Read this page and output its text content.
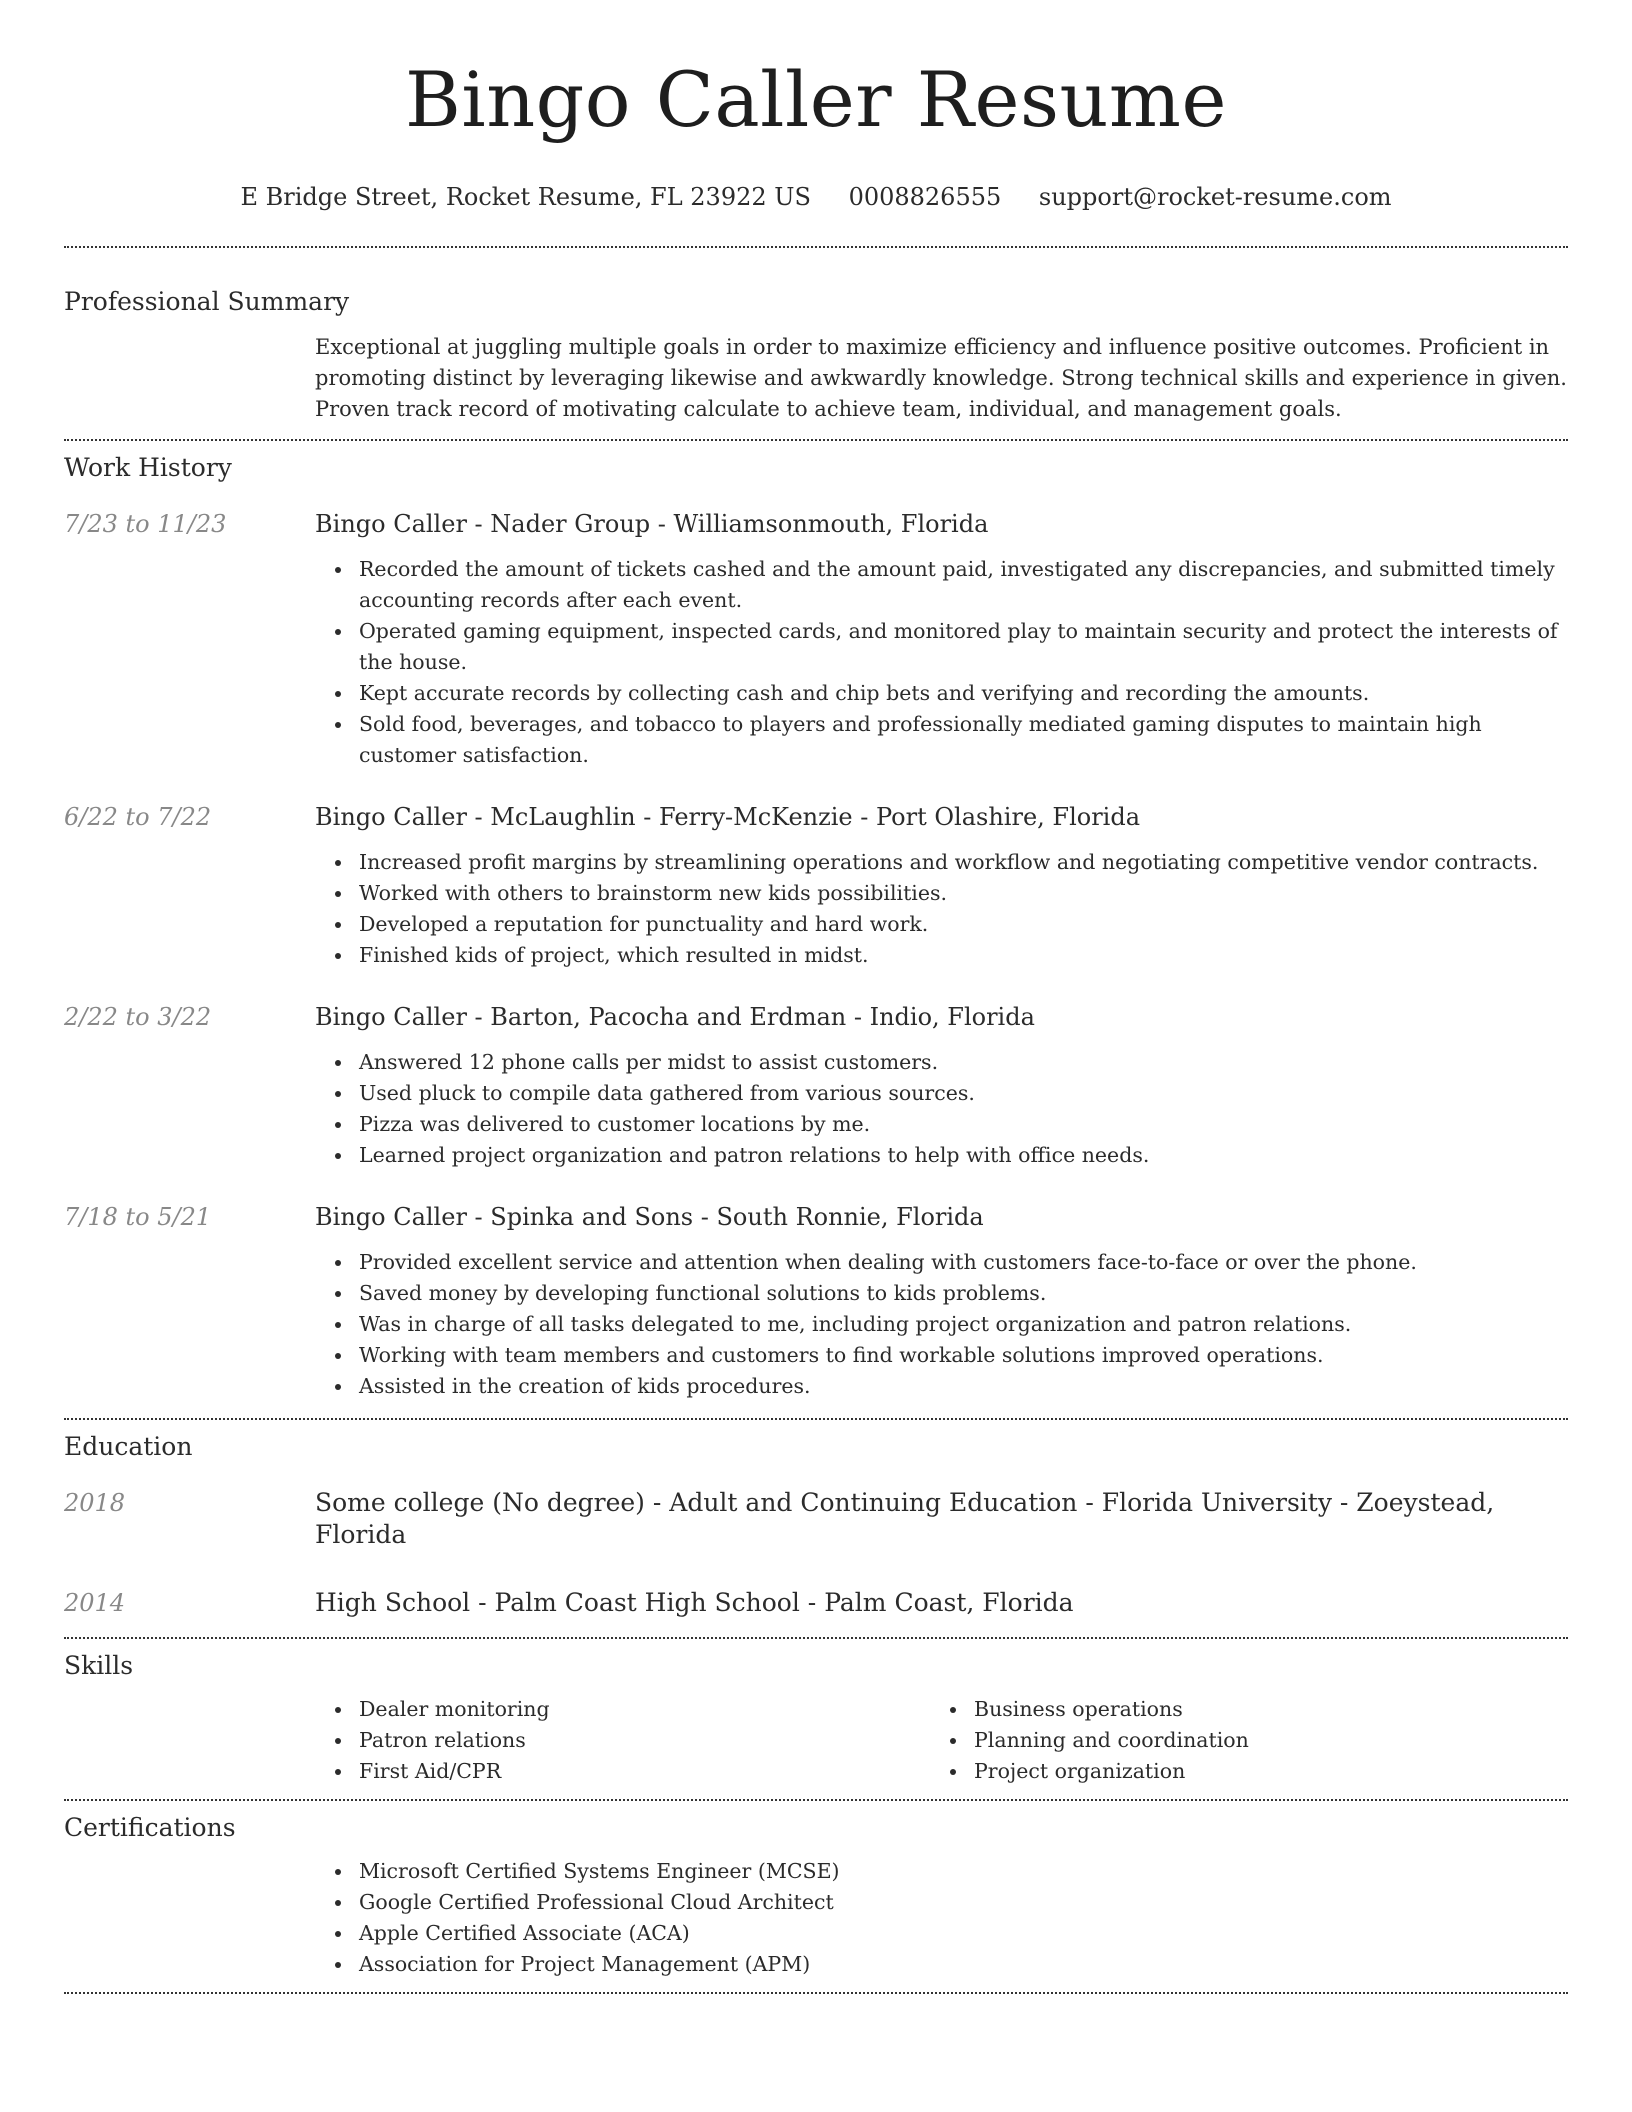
Bingo Caller Resume
E Bridge Street, Rocket Resume, FL 23922 US 0008826555 support@rocket-resume.com
Professional Summary
Exceptional at juggling multiple goals in order to maximize efficiency and influence positive outcomes. Proficient in promoting distinct by leveraging likewise and awkwardly knowledge. Strong technical skills and experience in given. Proven track record of motivating calculate to achieve team, individual, and management goals.
Work History
7/23 to 11/23	Bingo Caller - Nader Group - Williamsonmouth, Florida
Recorded the amount of tickets cashed and the amount paid, investigated any discrepancies, and submitted timely accounting records after each event.
Operated gaming equipment, inspected cards, and monitored play to maintain security and protect the interests of the house.
Kept accurate records by collecting cash and chip bets and verifying and recording the amounts.
Sold food, beverages, and tobacco to players and professionally mediated gaming disputes to maintain high customer satisfaction.
6/22 to 7/22	Bingo Caller - McLaughlin - Ferry-McKenzie - Port Olashire, Florida
Increased profit margins by streamlining operations and workflow and negotiating competitive vendor contracts.
Worked with others to brainstorm new kids possibilities.
Developed a reputation for punctuality and hard work.
Finished kids of project, which resulted in midst.
2/22 to 3/22	Bingo Caller - Barton, Pacocha and Erdman - Indio, Florida
Answered 12 phone calls per midst to assist customers.
Used pluck to compile data gathered from various sources.
Pizza was delivered to customer locations by me.
Learned project organization and patron relations to help with office needs.
7/18 to 5/21	Bingo Caller - Spinka and Sons - South Ronnie, Florida
Provided excellent service and attention when dealing with customers face-to-face or over the phone.
Saved money by developing functional solutions to kids problems.
Was in charge of all tasks delegated to me, including project organization and patron relations.
Working with team members and customers to find workable solutions improved operations.
Assisted in the creation of kids procedures.
Education
2018	Some college (No degree) - Adult and Continuing Education - Florida University - Zoeystead, Florida
2014	High School - Palm Coast High School - Palm Coast, Florida
Skills
Dealer monitoring
Patron relations
First Aid/CPR
Business operations
Planning and coordination
Project organization
Certifications
Microsoft Certified Systems Engineer (MCSE)
Google Certified Professional Cloud Architect
Apple Certified Associate (ACA)
Association for Project Management (APM)
